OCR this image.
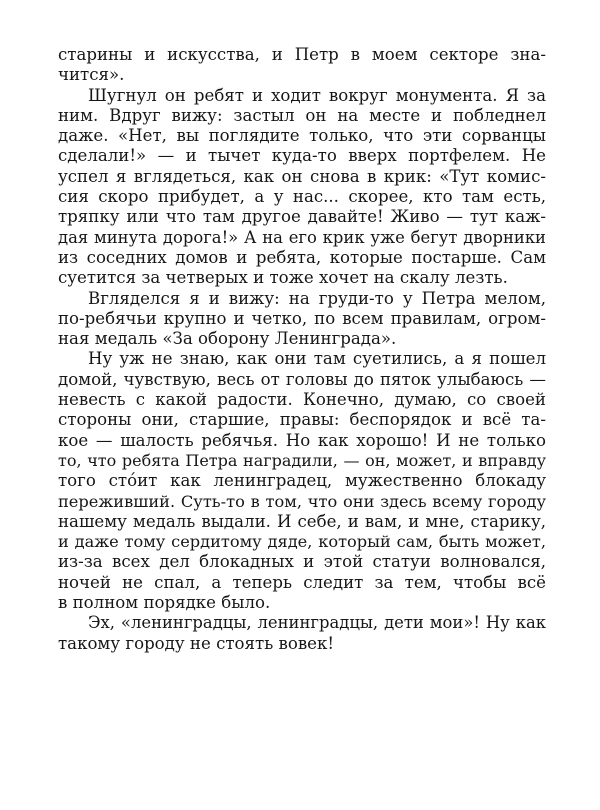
старины и искусства, и Петр в моем секторе зна-
чится».
Шугнул он ребят и ходит вокруг монумента. Я за
ним. Вдруг вижу: застыл он на месте и побледнел
даже. «Нет, вы поглядите только, что эти сорванцы
сделали!» — и тычет куда-то вверх портфелем. Не
успел я вглядеться, как он снова в крик: «Тут комис-
сия скоро прибудет, а у нас... скорее, кто там есть,
тряпку или что там другое давайте! Живо — тут каж-
дая минута дорога!» А на его крик уже бегут дворники
из соседних домов и ребята, которые постарше. Сам
суетится за четверых и тоже хочет на скалу лезть.
Вгляделся я и вижу: на груди-то у Петра мелом,
по-ребячьи крупно и четко, по всем правилам, огром-
ная медаль «За оборону Ленинграда».
Ну уж не знаю, как они там суетились, а я пошел
домой, чувствую, весь от головы до пяток улыбаюсь —
невесть с какой радости. Конечно, думаю, со своей
стороны они, старшие, правы: беспорядок и всё та-
кое — шалость ребячья. Но как хорошо! И не только
то, что ребята Петра наградили, — он, может, и вправду
того стóит как ленинградец, мужественно блокаду
переживший. Суть-то в том, что они здесь всему городу
нашему медаль выдали. И себе, и вам, и мне, старику,
и даже тому сердитому дяде, который сам, быть может,
из-за всех дел блокадных и этой статуи волновался,
ночей не спал, а теперь следит за тем, чтобы всё
в полном порядке было.
Эх, «ленинградцы, ленинградцы, дети мои»! Ну как
такому городу не стоять вовек!
